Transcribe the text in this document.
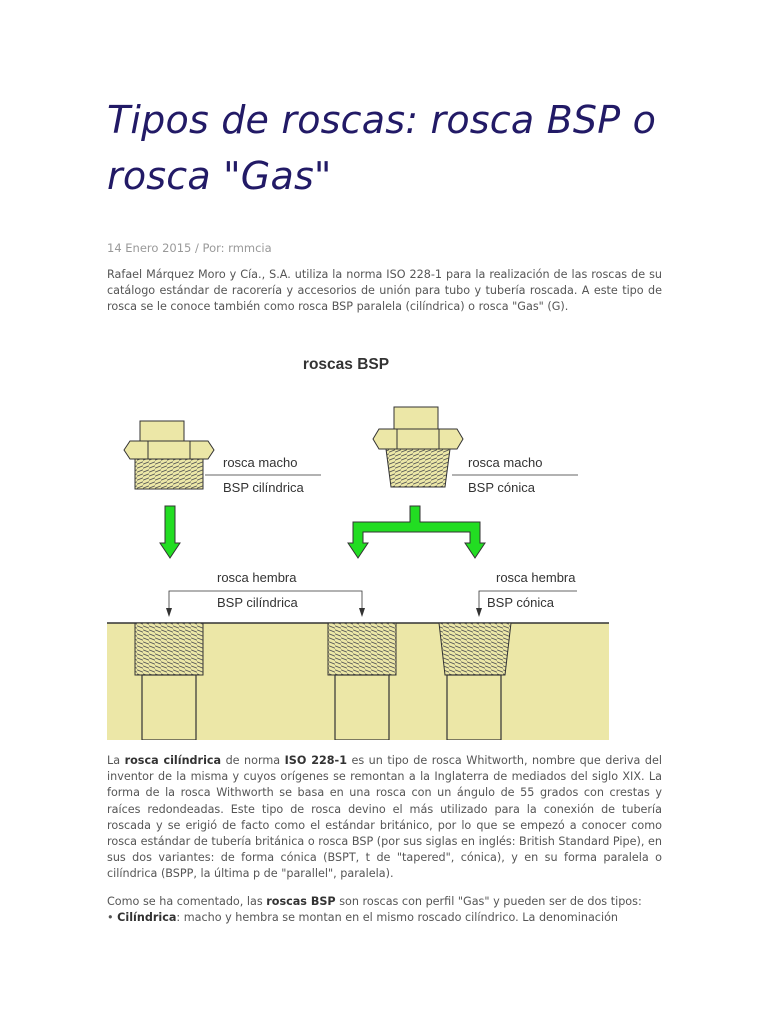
Tipos de roscas: rosca BSP o rosca "Gas"
14 Enero 2015 / Por: rmmcia

Rafael Márquez Moro y Cía., S.A. utiliza la norma ISO 228-1 para la realización de las roscas de su catálogo estándar de racorería y accesorios de unión para tubo y tubería roscada. A este tipo de rosca se le conoce también como rosca BSP paralela (cilíndrica) o rosca "Gas" (G).

roscas BSP
rosca macho
BSP cilíndrica
rosca macho
BSP cónica
rosca hembra
BSP cilíndrica
rosca hembra
BSP cónica

La rosca cilíndrica de norma ISO 228-1 es un tipo de rosca Whitworth, nombre que deriva del inventor de la misma y cuyos orígenes se remontan a la Inglaterra de mediados del siglo XIX. La forma de la rosca Withworth se basa en una rosca con un ángulo de 55 grados con crestas y raíces redondeadas. Este tipo de rosca devino el más utilizado para la conexión de tubería roscada y se erigió de facto como el estándar británico, por lo que se empezó a conocer como rosca estándar de tubería británica o rosca BSP (por sus siglas en inglés: British Standard Pipe), en sus dos variantes: de forma cónica (BSPT, t de "tapered", cónica), y en su forma paralela o cilíndrica (BSPP, la última p de "parallel", paralela).

Como se ha comentado, las roscas BSP son roscas con perfil "Gas" y pueden ser de dos tipos:
• Cilíndrica: macho y hembra se montan en el mismo roscado cilíndrico. La denominación
